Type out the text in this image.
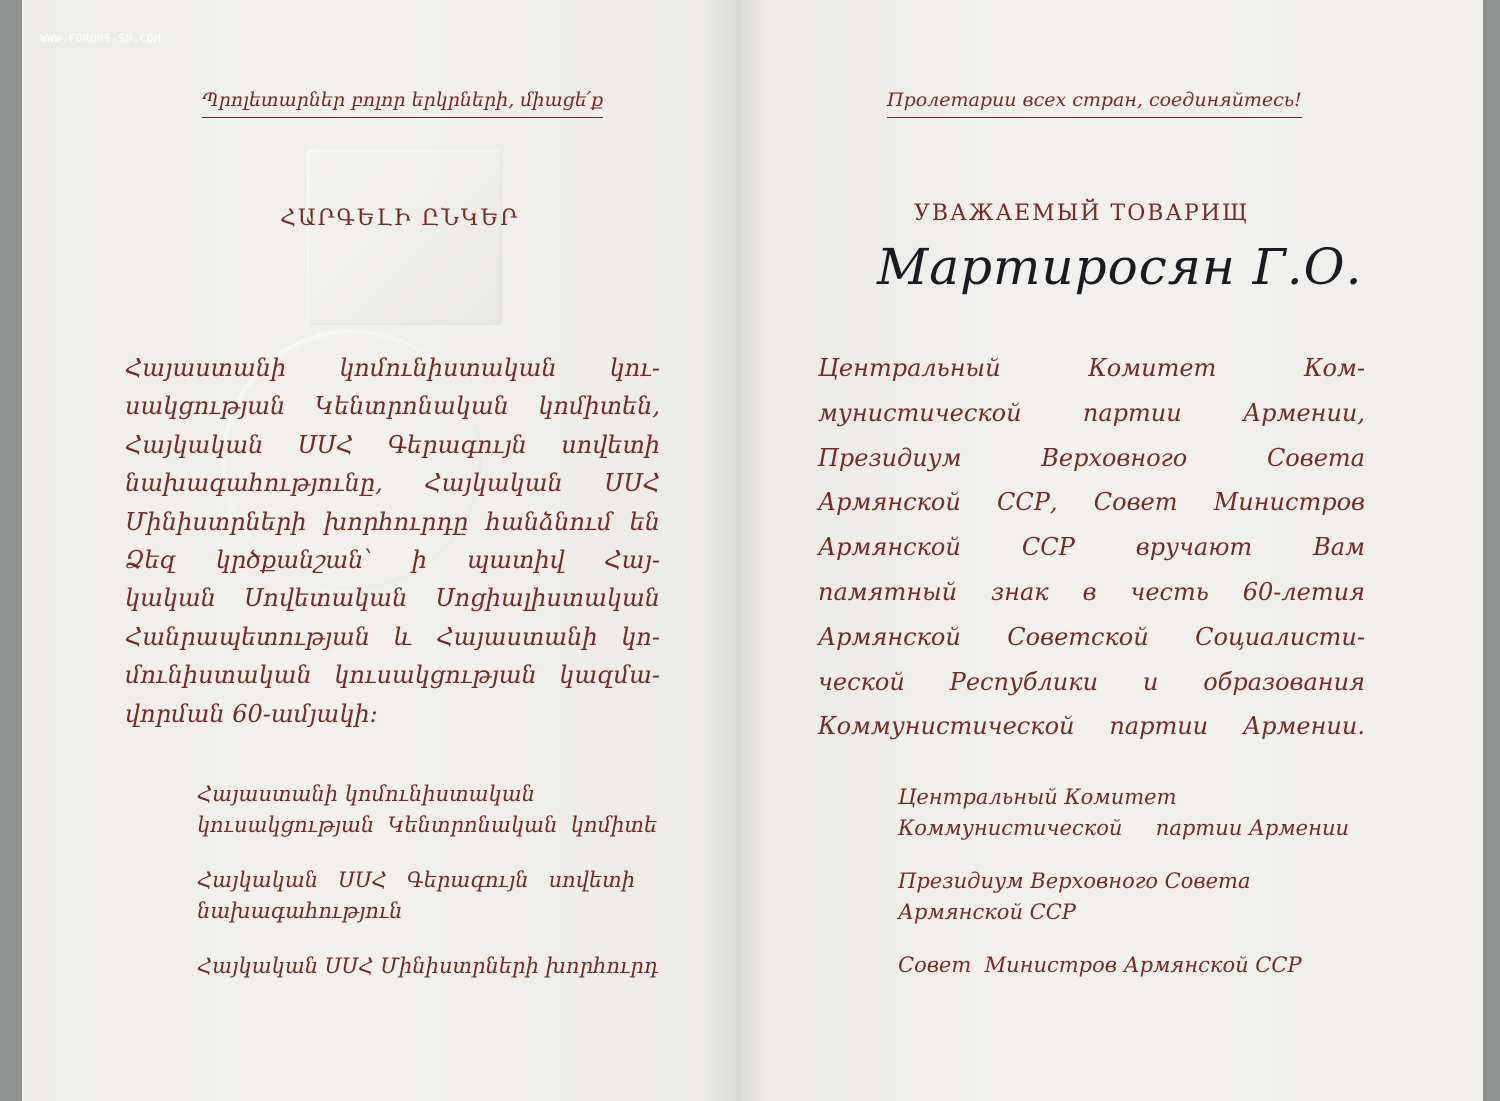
WWW.FORUMS-SU.COM
Պրոլետարներ բոլոր երկրների, միացե՛ք
ՀԱՐԳԵԼԻ ԸՆԿԵՐ
Հայաստանի կոմունիստական կու-
սակցության Կենտրոնական կոմիտեն,
Հայկական ՍՍՀ Գերագույն սովետի
նախագահությունը, Հայկական ՍՍՀ
Մինիստրների խորհուրդը հանձնում են
Ձեզ կրծքանշան՝ ի պատիվ Հայ-
կական Սովետական Սոցիալիստական
Հանրապետության և Հայաստանի կո-
մունիստական կուսակցության կազմա-
վորման 60-ամյակի:
Հայաստանի կոմունիստական
կուսակցության  Կենտրոնական  կոմիտե
Հայկական   ՍՍՀ   Գերագույն   սովետի
նախագահություն
Հայկական ՍՍՀ Մինիստրների խորհուրդ
Пролетарии всех стран, соединяйтесь!
УВАЖАЕМЫЙ ТОВАРИЩ
Мартиросян Г.О.
Центральный	Комитет	Ком-
мунистической	партии	Армении,
Президиум	Верховного	Совета
Армянской ССР, Совет Министров
Армянской	ССР	вручают	Вам
памятный знак в честь 60-летия
Армянской Советской Социалисти-
ческой Республики и образования
Коммунистической партии Армении.
Центральный Комитет
Коммунистической     партии Армении
Президиум Верховного Совета
Армянской ССР
Совет  Министров Армянской ССР
